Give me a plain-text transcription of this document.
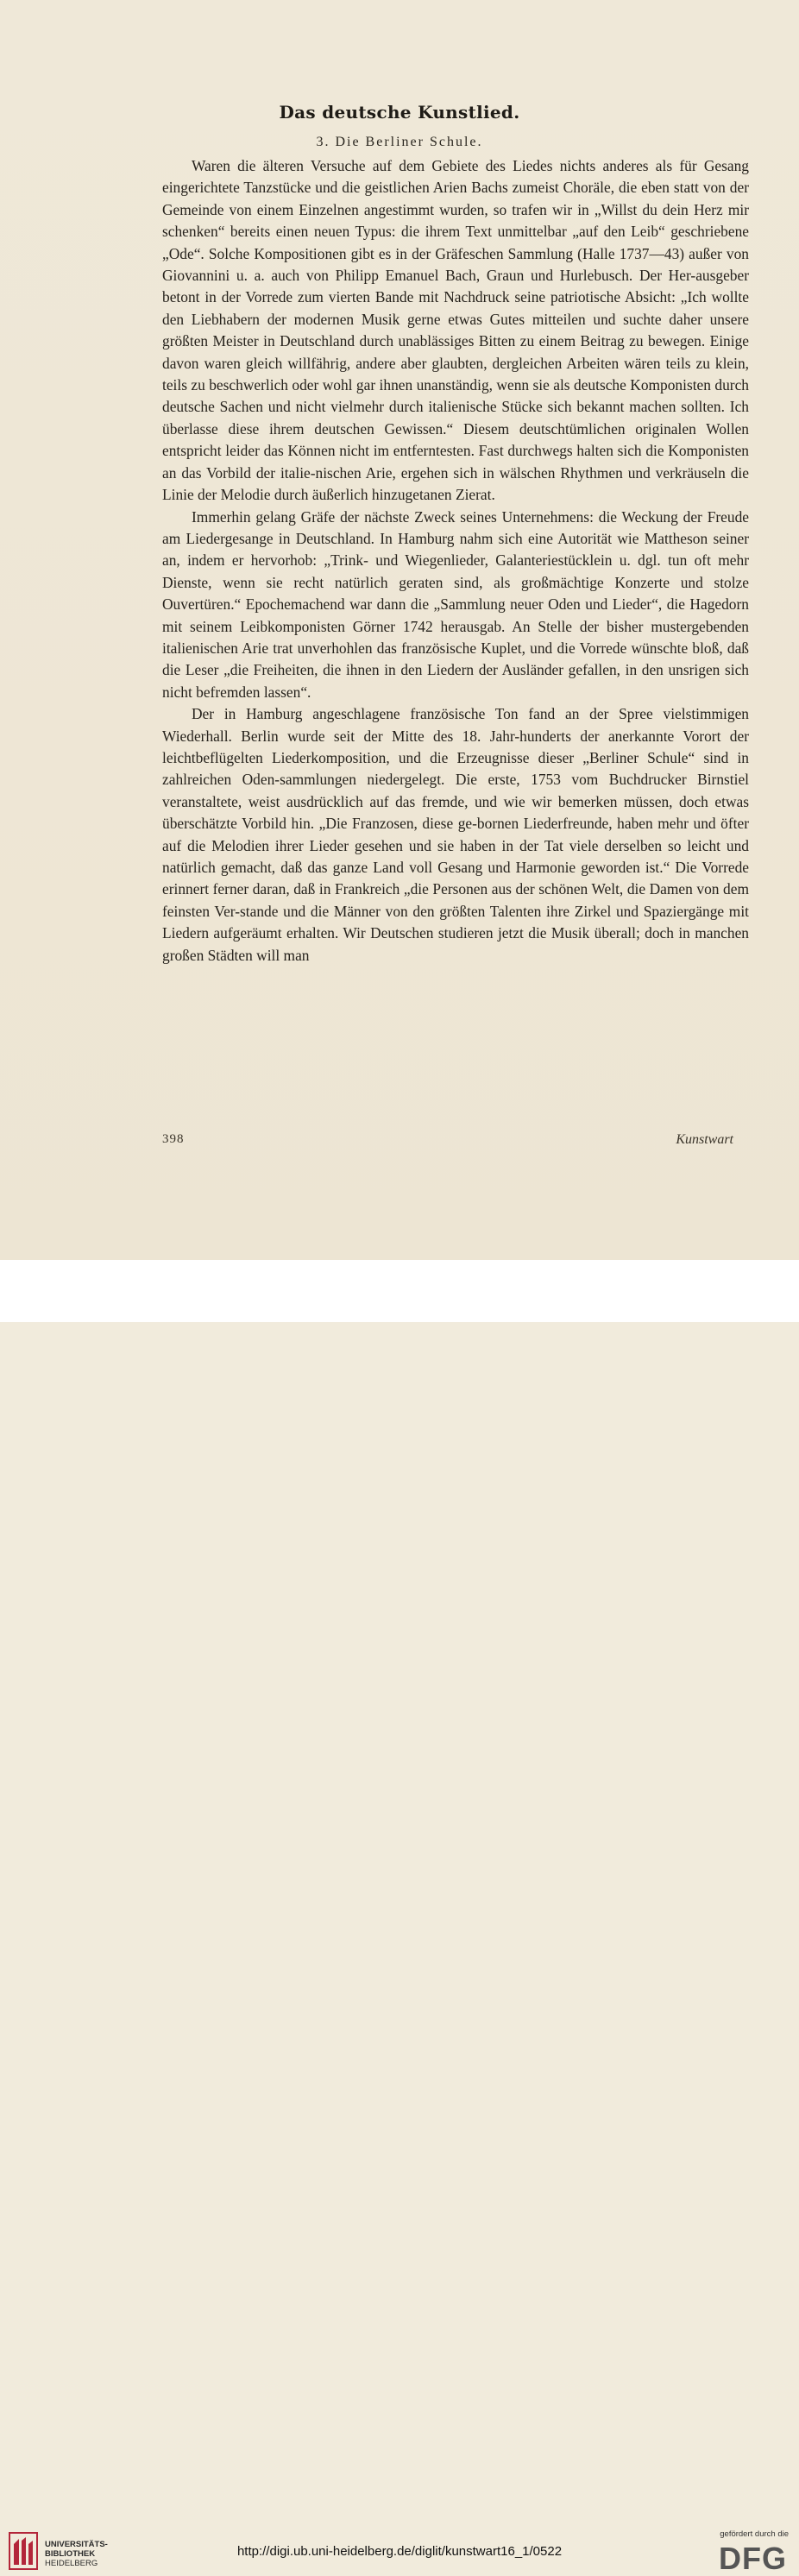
Das deutsche Kunstlied.
3. Die Berliner Schule.

Waren die älteren Versuche auf dem Gebiete des Liedes nichts anderes als für Gesang eingerichtete Tanzstücke und die geistlichen Arien Bachs zumeist Choräle, die eben statt von der Gemeinde von einem Einzelnen angestimmt wurden, so trafen wir in „Willst du dein Herz mir schenken“ bereits einen neuen Typus: die ihrem Text unmittelbar „auf den Leib“ geschriebene „Ode“. Solche Kompositionen gibt es in der Gräfeschen Sammlung (Halle 1737—43) außer von Giovannini u. a. auch von Philipp Emanuel Bach, Graun und Hurlebusch. Der Her-ausgeber betont in der Vorrede zum vierten Bande mit Nachdruck seine patriotische Absicht: „Ich wollte den Liebhabern der modernen Musik gerne etwas Gutes mitteilen und suchte daher unsere größten Meister in Deutschland durch unablässiges Bitten zu einem Beitrag zu bewegen. Einige davon waren gleich willfährig, andere aber glaubten, dergleichen Arbeiten wären teils zu klein, teils zu beschwerlich oder wohl gar ihnen unanständig, wenn sie als deutsche Komponisten durch deutsche Sachen und nicht vielmehr durch italienische Stücke sich bekannt machen sollten. Ich überlasse diese ihrem deutschen Gewissen.“ Diesem deutschtümlichen originalen Wollen entspricht leider das Können nicht im entferntesten. Fast durchwegs halten sich die Komponisten an das Vorbild der italie-nischen Arie, ergehen sich in wälschen Rhythmen und verkräuseln die Linie der Melodie durch äußerlich hinzugetanen Zierat.

Immerhin gelang Gräfe der nächste Zweck seines Unternehmens: die Weckung der Freude am Liedergesange in Deutschland. In Hamburg nahm sich eine Autorität wie Mattheson seiner an, indem er hervorhob: „Trink- und Wiegenlieder, Galanteriestücklein u. dgl. tun oft mehr Dienste, wenn sie recht natürlich geraten sind, als großmächtige Konzerte und stolze Ouvertüren.“ Epochemachend war dann die „Sammlung neuer Oden und Lieder“, die Hagedorn mit seinem Leibkomponisten Görner 1742 herausgab. An Stelle der bisher mustergebenden italienischen Arie trat unverhohlen das französische Kuplet, und die Vorrede wünschte bloß, daß die Leser „die Freiheiten, die ihnen in den Liedern der Ausländer gefallen, in den unsrigen sich nicht befremden lassen“.

Der in Hamburg angeschlagene französische Ton fand an der Spree vielstimmigen Wiederhall. Berlin wurde seit der Mitte des 18. Jahr-hunderts der anerkannte Vorort der leichtbeflügelten Liederkomposition, und die Erzeugnisse dieser „Berliner Schule“ sind in zahlreichen Oden-sammlungen niedergelegt. Die erste, 1753 vom Buchdrucker Birnstiel veranstaltete, weist ausdrücklich auf das fremde, und wie wir bemerken müssen, doch etwas überschätzte Vorbild hin. „Die Franzosen, diese ge-bornen Liederfreunde, haben mehr und öfter auf die Melodien ihrer Lieder gesehen und sie haben in der Tat viele derselben so leicht und natürlich gemacht, daß das ganze Land voll Gesang und Harmonie geworden ist.“ Die Vorrede erinnert ferner daran, daß in Frankreich „die Personen aus der schönen Welt, die Damen von dem feinsten Ver-stande und die Männer von den größten Talenten ihre Zirkel und Spaziergänge mit Liedern aufgeräumt erhalten. Wir Deutschen studieren jetzt die Musik überall; doch in manchen großen Städten will man

398	Kunstwart
UNIVERSITÄTS-
BIBLIOTHEK
HEIDELBERG
http://digi.ub.uni-heidelberg.de/diglit/kunstwart16_1/0522
gefördert durch die
DFG
